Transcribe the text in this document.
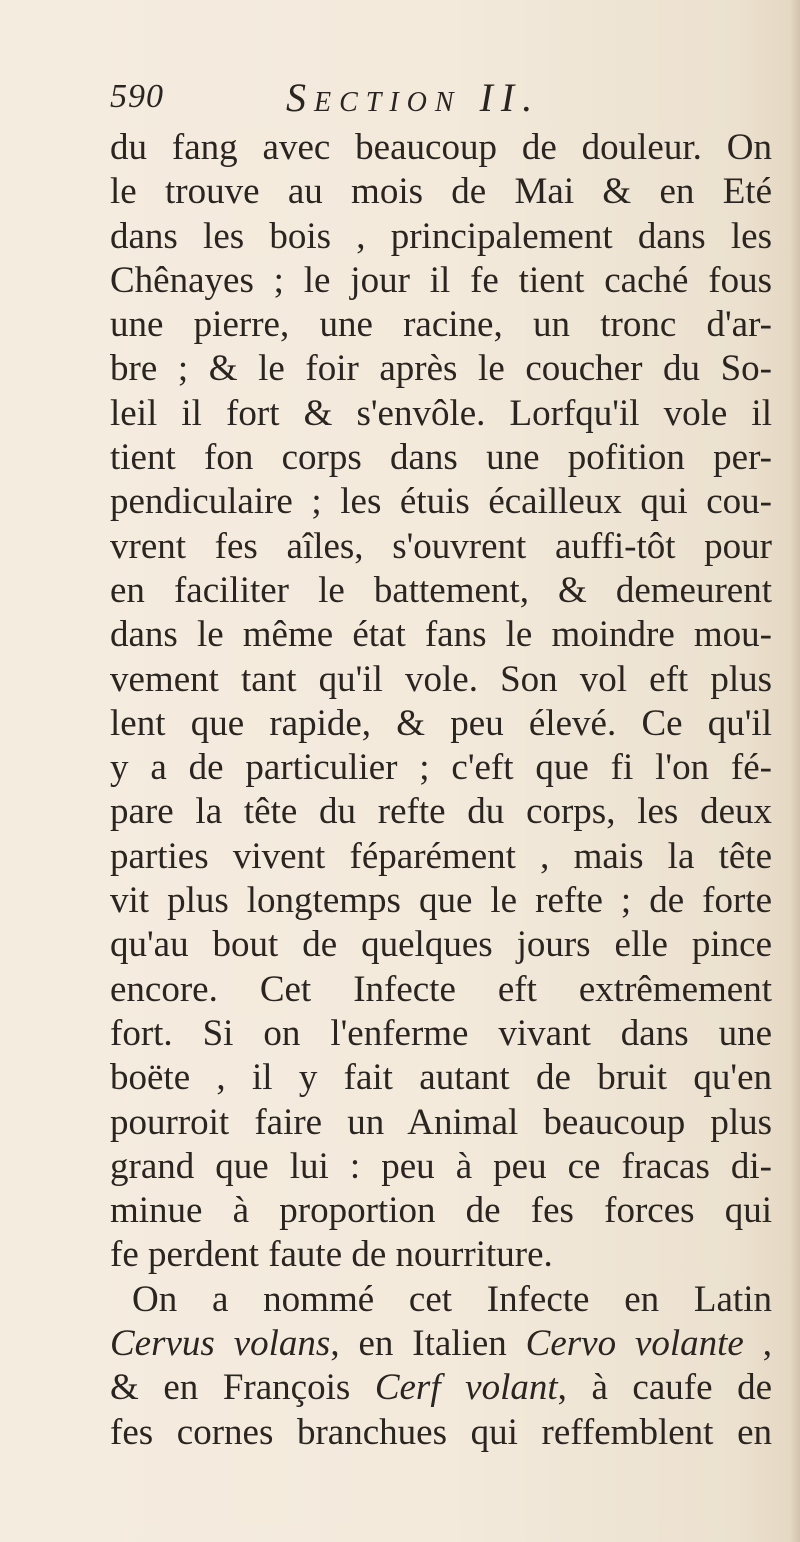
590	Section II.
du fang avec beaucoup de douleur. On
le trouve au mois de Mai & en Eté
dans les bois , principalement dans les
Chênayes ; le jour il fe tient caché fous
une pierre, une racine, un tronc d'ar-
bre ; & le foir après le coucher du So-
leil il fort & s'envôle. Lorfqu'il vole il
tient fon corps dans une pofition per-
pendiculaire ; les étuis écailleux qui cou-
vrent fes aîles, s'ouvrent auffi-tôt pour
en faciliter le battement, & demeurent
dans le même état fans le moindre mou-
vement tant qu'il vole. Son vol eft plus
lent que rapide, & peu élevé. Ce qu'il
y a de particulier ; c'eft que fi l'on fé-
pare la tête du refte du corps, les deux
parties vivent féparément , mais la tête
vit plus longtemps que le refte ; de forte
qu'au bout de quelques jours elle pince
encore. Cet Infecte eft extrêmement
fort. Si on l'enferme vivant dans une
boëte , il y fait autant de bruit qu'en
pourroit faire un Animal beaucoup plus
grand que lui : peu à peu ce fracas di-
minue à proportion de fes forces qui
fe perdent faute de nourriture.
On a nommé cet Infecte en Latin
Cervus volans, en Italien Cervo volante ,
& en François Cerf volant, à caufe de
fes cornes branchues qui reffemblent en
